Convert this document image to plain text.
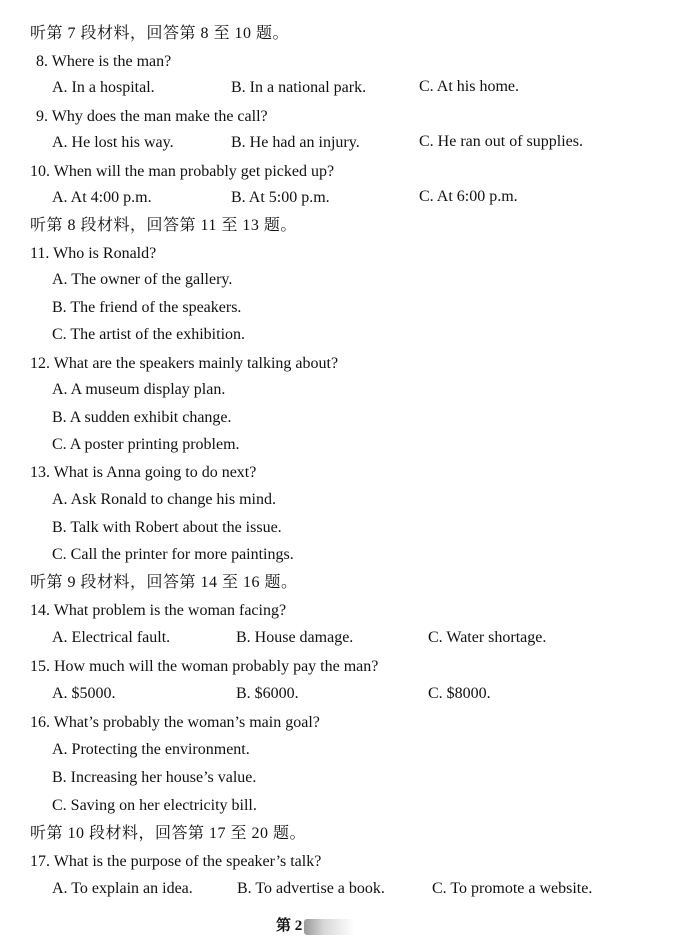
听第 7 段材料，回答第 8 至 10 题。
8. Where is the man?
A. In a hospital.	B. In a national park.	C. At his home.
9. Why does the man make the call?
A. He lost his way.	B. He had an injury.	C. He ran out of supplies.
10. When will the man probably get picked up?
A. At 4:00 p.m.	B. At 5:00 p.m.	C. At 6:00 p.m.
听第 8 段材料，回答第 11 至 13 题。
11. Who is Ronald?
A. The owner of the gallery.
B. The friend of the speakers.
C. The artist of the exhibition.
12. What are the speakers mainly talking about?
A. A museum display plan.
B. A sudden exhibit change.
C. A poster printing problem.
13. What is Anna going to do next?
A. Ask Ronald to change his mind.
B. Talk with Robert about the issue.
C. Call the printer for more paintings.
听第 9 段材料，回答第 14 至 16 题。
14. What problem is the woman facing?
A. Electrical fault.	B. House damage.	C. Water shortage.
15. How much will the woman probably pay the man?
A. $5000.	B. $6000.	C. $8000.
16. What’s probably the woman’s main goal?
A. Protecting the environment.
B. Increasing her house’s value.
C. Saving on her electricity bill.
听第 10 段材料，回答第 17 至 20 题。
17. What is the purpose of the speaker’s talk?
A. To explain an idea.	B. To advertise a book.	C. To promote a website.
第 2
